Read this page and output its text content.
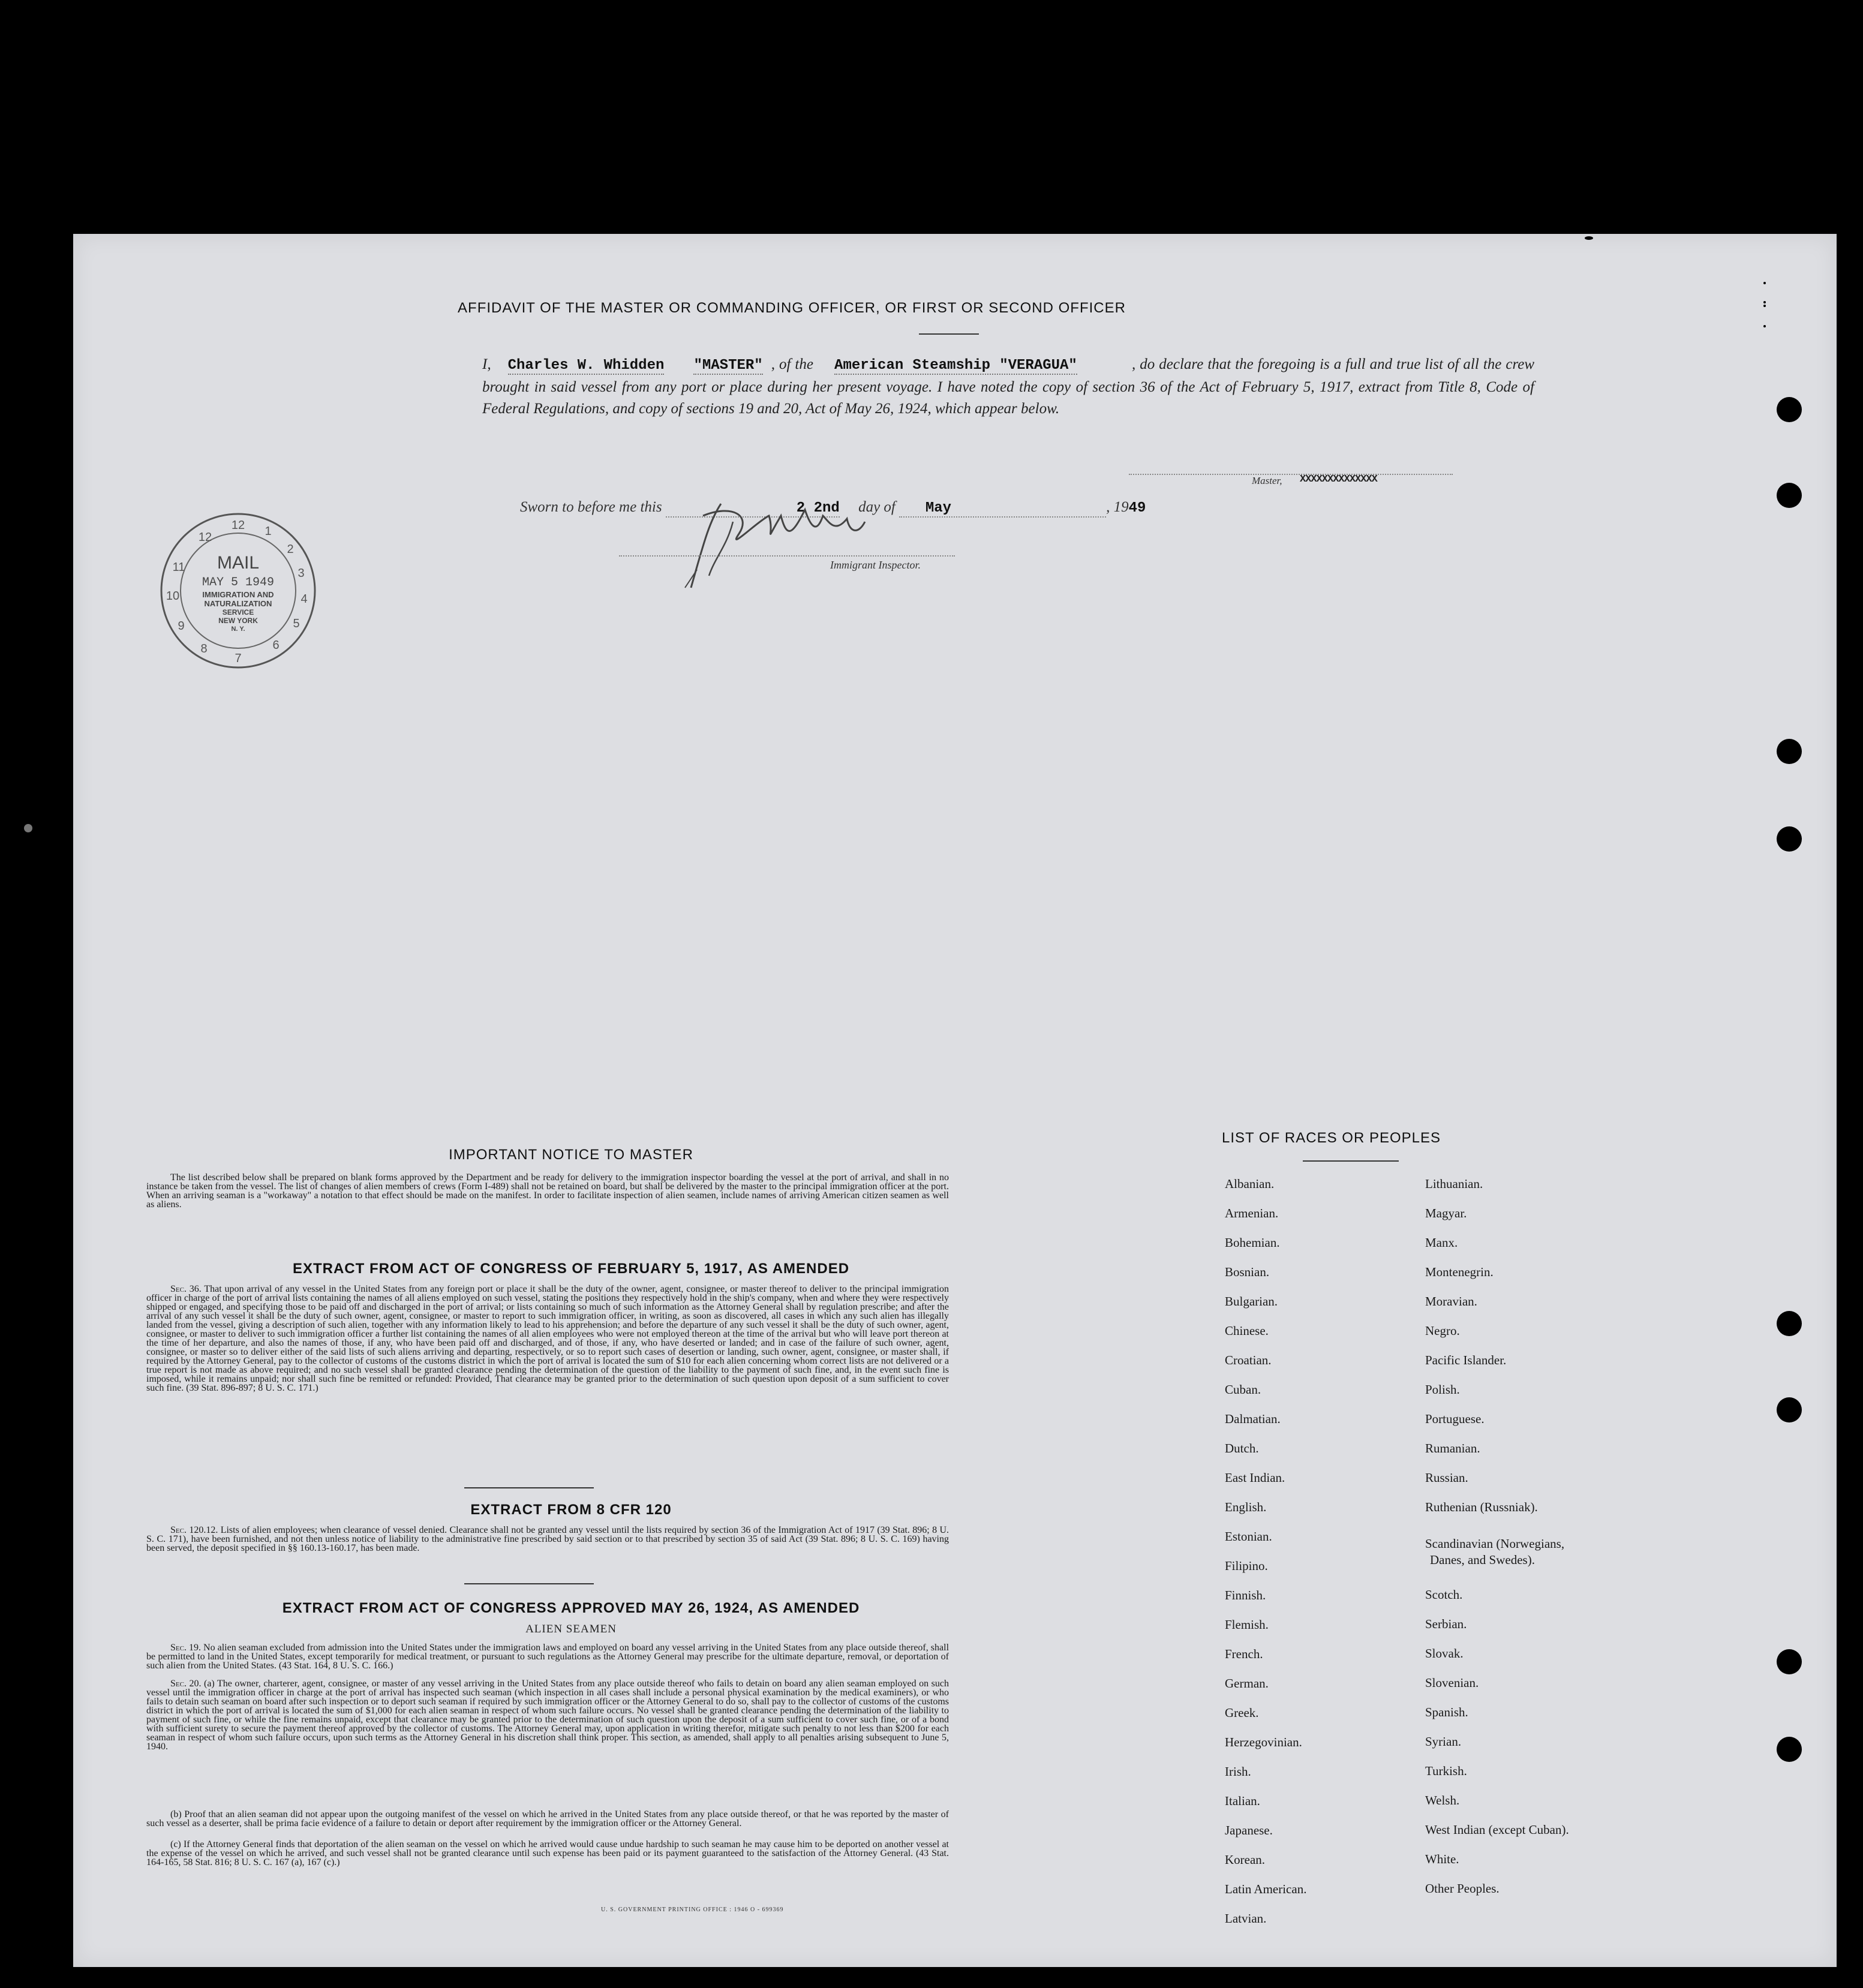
AFFIDAVIT OF THE MASTER OR COMMANDING OFFICER, OR FIRST OR SECOND OFFICER
I, Charles W. Whidden "MASTER" , of the American Steamship "VERAGUA"	, do declare that the foregoing is a full and true list of all the crew brought in said vessel from any port or place during her present voyage. I have noted the copy of section 36 of the Act of February 5, 1917, extract from Title 8, Code of Federal Regulations, and copy of sections 19 and 20, Act of May 26, 1924, which appear below.
Master, XXXXXXXXXXXXXX
Sworn to before me this	2 2nd day of May	, 1949
Immigrant Inspector.
12 1
2
3
4
5
6
7
8
9
10
11
12
MAIL
MAY 5 1949
IMMIGRATION AND
NATURALIZATION
SERVICE
NEW YORK
N. Y.
IMPORTANT NOTICE TO MASTER
The list described below shall be prepared on blank forms approved by the Department and be ready for delivery to the immigration inspector boarding the vessel at the port of arrival, and shall in no instance be taken from the vessel. The list of changes of alien members of crews (Form I-489) shall not be retained on board, but shall be delivered by the master to the principal immigration officer at the port. When an arriving seaman is a "workaway" a notation to that effect should be made on the manifest. In order to facilitate inspection of alien seamen, include names of arriving American citizen seamen as well as aliens.
EXTRACT FROM ACT OF CONGRESS OF FEBRUARY 5, 1917, AS AMENDED
Sec. 36. That upon arrival of any vessel in the United States from any foreign port or place it shall be the duty of the owner, agent, consignee, or master thereof to deliver to the principal immigration officer in charge of the port of arrival lists containing the names of all aliens employed on such vessel, stating the positions they respectively hold in the ship's company, when and where they were respectively shipped or engaged, and specifying those to be paid off and discharged in the port of arrival; or lists containing so much of such information as the Attorney General shall by regulation prescribe; and after the arrival of any such vessel it shall be the duty of such owner, agent, consignee, or master to report to such immigration officer, in writing, as soon as discovered, all cases in which any such alien has illegally landed from the vessel, giving a description of such alien, together with any information likely to lead to his apprehension; and before the departure of any such vessel it shall be the duty of such owner, agent, consignee, or master to deliver to such immigration officer a further list containing the names of all alien employees who were not employed thereon at the time of the arrival but who will leave port thereon at the time of her departure, and also the names of those, if any, who have been paid off and discharged, and of those, if any, who have deserted or landed; and in case of the failure of such owner, agent, consignee, or master so to deliver either of the said lists of such aliens arriving and departing, respectively, or so to report such cases of desertion or landing, such owner, agent, consignee, or master shall, if required by the Attorney General, pay to the collector of customs of the customs district in which the port of arrival is located the sum of $10 for each alien concerning whom correct lists are not delivered or a true report is not made as above required; and no such vessel shall be granted clearance pending the determination of the question of the liability to the payment of such fine, and, in the event such fine is imposed, while it remains unpaid; nor shall such fine be remitted or refunded: Provided, That clearance may be granted prior to the determination of such question upon deposit of a sum sufficient to cover such fine. (39 Stat. 896-897; 8 U. S. C. 171.)
EXTRACT FROM 8 CFR 120
Sec. 120.12. Lists of alien employees; when clearance of vessel denied. Clearance shall not be granted any vessel until the lists required by section 36 of the Immigration Act of 1917 (39 Stat. 896; 8 U. S. C. 171), have been furnished, and not then unless notice of liability to the administrative fine prescribed by said section or to that prescribed by section 35 of said Act (39 Stat. 896; 8 U. S. C. 169) having been served, the deposit specified in §§ 160.13-160.17, has been made.
EXTRACT FROM ACT OF CONGRESS APPROVED MAY 26, 1924, AS AMENDED
ALIEN SEAMEN
Sec. 19. No alien seaman excluded from admission into the United States under the immigration laws and employed on board any vessel arriving in the United States from any place outside thereof, shall be permitted to land in the United States, except temporarily for medical treatment, or pursuant to such regulations as the Attorney General may prescribe for the ultimate departure, removal, or deportation of such alien from the United States. (43 Stat. 164, 8 U. S. C. 166.)
Sec. 20. (a) The owner, charterer, agent, consignee, or master of any vessel arriving in the United States from any place outside thereof who fails to detain on board any alien seaman employed on such vessel until the immigration officer in charge at the port of arrival has inspected such seaman (which inspection in all cases shall include a personal physical examination by the medical examiners), or who fails to detain such seaman on board after such inspection or to deport such seaman if required by such immigration officer or the Attorney General to do so, shall pay to the collector of customs of the customs district in which the port of arrival is located the sum of $1,000 for each alien seaman in respect of whom such failure occurs. No vessel shall be granted clearance pending the determination of the liability to payment of such fine, or while the fine remains unpaid, except that clearance may be granted prior to the determination of such question upon the deposit of a sum sufficient to cover such fine, or of a bond with sufficient surety to secure the payment thereof approved by the collector of customs. The Attorney General may, upon application in writing therefor, mitigate such penalty to not less than $200 for each seaman in respect of whom such failure occurs, upon such terms as the Attorney General in his discretion shall think proper. This section, as amended, shall apply to all penalties arising subsequent to June 5, 1940.
(b) Proof that an alien seaman did not appear upon the outgoing manifest of the vessel on which he arrived in the United States from any place outside thereof, or that he was reported by the master of such vessel as a deserter, shall be prima facie evidence of a failure to detain or deport after requirement by the immigration officer or the Attorney General.
(c) If the Attorney General finds that deportation of the alien seaman on the vessel on which he arrived would cause undue hardship to such seaman he may cause him to be deported on another vessel at the expense of the vessel on which he arrived, and such vessel shall not be granted clearance until such expense has been paid or its payment guaranteed to the satisfaction of the Attorney General. (43 Stat. 164-165, 58 Stat. 816; 8 U. S. C. 167 (a), 167 (c).)
U. S. GOVERNMENT PRINTING OFFICE : 1946 O - 699369
LIST OF RACES OR PEOPLES
Albanian.
Armenian.
Bohemian.
Bosnian.
Bulgarian.
Chinese.
Croatian.
Cuban.
Dalmatian.
Dutch.
East Indian.
English.
Estonian.
Filipino.
Finnish.
Flemish.
French.
German.
Greek.
Herzegovinian.
Irish.
Italian.
Japanese.
Korean.
Latin American.
Latvian.
Lithuanian.
Magyar.
Manx.
Montenegrin.
Moravian.
Negro.
Pacific Islander.
Polish.
Portuguese.
Rumanian.
Russian.
Ruthenian (Russniak).
Scandinavian (Norwegians,
Danes, and Swedes).
Scotch.
Serbian.
Slovak.
Slovenian.
Spanish.
Syrian.
Turkish.
Welsh.
West Indian (except Cuban).
White.
Other Peoples.
